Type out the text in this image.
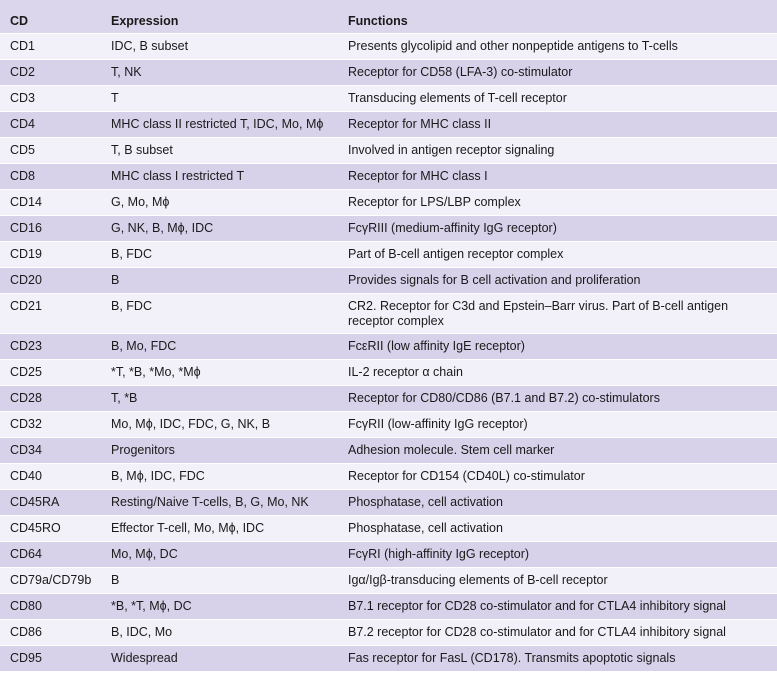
CD	Expression	Functions
CD1	IDC, B subset	Presents glycolipid and other nonpeptide antigens to T-cells
CD2	T, NK	Receptor for CD58 (LFA-3) co-stimulator
CD3	T	Transducing elements of T-cell receptor
CD4	MHC class II restricted T, IDC, Mo, Mϕ	Receptor for MHC class II
CD5	T, B subset	Involved in antigen receptor signaling
CD8	MHC class I restricted T	Receptor for MHC class I
CD14	G, Mo, Mϕ	Receptor for LPS/LBP complex
CD16	G, NK, B, Mϕ, IDC	FcγRIII (medium-affinity IgG receptor)
CD19	B, FDC	Part of B-cell antigen receptor complex
CD20	B	Provides signals for B cell activation and proliferation
CD21	B, FDC	CR2. Receptor for C3d and Epstein–Barr virus. Part of B-cell antigen receptor complex
CD23	B, Mo, FDC	FcεRII (low affinity IgE receptor)
CD25	*T, *B, *Mo, *Mϕ	IL-2 receptor α chain
CD28	T, *B	Receptor for CD80/CD86 (B7.1 and B7.2) co-stimulators
CD32	Mo, Mϕ, IDC, FDC, G, NK, B	FcγRII (low-affinity IgG receptor)
CD34	Progenitors	Adhesion molecule. Stem cell marker
CD40	B, Mϕ, IDC, FDC	Receptor for CD154 (CD40L) co-stimulator
CD45RA	Resting/Naive T-cells, B, G, Mo, NK	Phosphatase, cell activation
CD45RO	Effector T-cell, Mo, Mϕ, IDC	Phosphatase, cell activation
CD64	Mo, Mϕ, DC	FcγRI (high-affinity IgG receptor)
CD79a/CD79b	B	Igα/Igβ-transducing elements of B-cell receptor
CD80	*B, *T, Mϕ, DC	B7.1 receptor for CD28 co-stimulator and for CTLA4 inhibitory signal
CD86	B, IDC, Mo	B7.2 receptor for CD28 co-stimulator and for CTLA4 inhibitory signal
CD95	Widespread	Fas receptor for FasL (CD178). Transmits apoptotic signals
